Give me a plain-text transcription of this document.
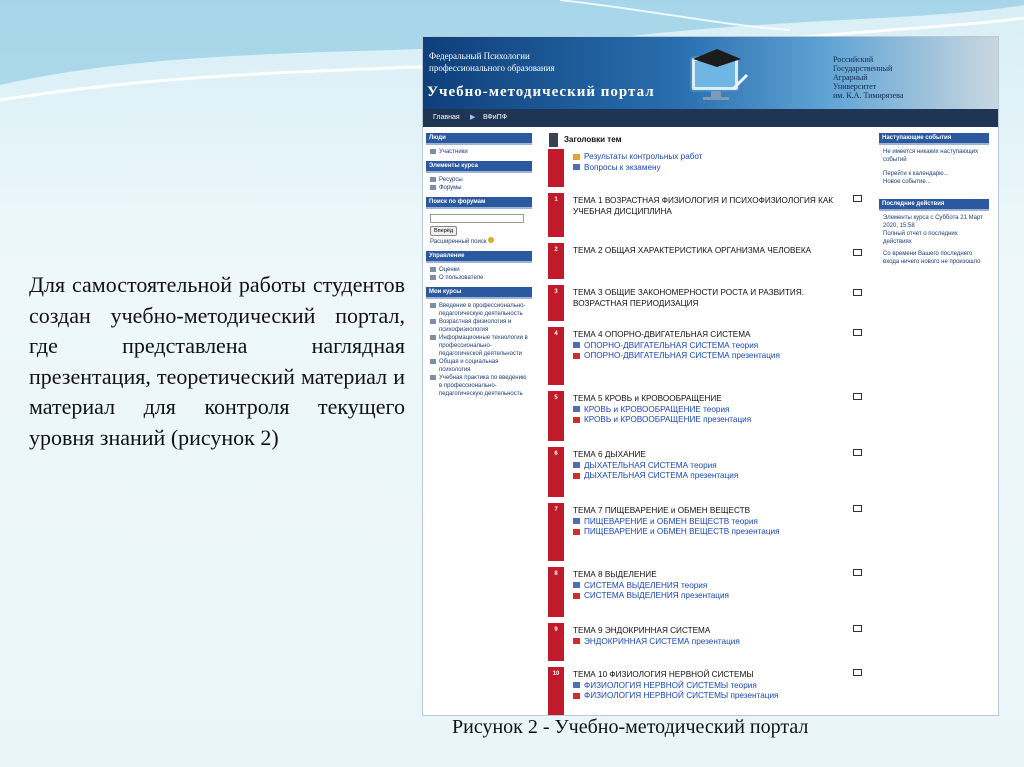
Для самостоятельной работы студентов создан учебно-методический портал, где представлена наглядная презентация, теоретический материал и материал для контроля текущего уровня знаний (рисунок 2)
Рисунок 2 - Учебно-методический портал
Федеральный Психологии
профессионального образования
Учебно-методический портал
Российский
Государственный
Аграрный
Университет
им. К.А. Тимирязева
Главная ▶ ВФиПФ
Люди
Участники
Элементы курса
Ресурсы
Форумы
Поиск по форумам
Вперёд
Расширенный поиск
Управление
Оценки
О пользователе
Мои курсы
Введение в профессионально-педагогическую деятельность
Возрастная физиология и психофизиология
Информационные технологии в профессионально-педагогической деятельности
Общая и социальная психология
Учебная практика по введению в профессионально-педагогическую деятельность
Наступающие события
Не имеется никаких наступающих событий
Перейти к календарю...
Новое событие...
Последние действия
Элементы курса с Суббота 21 Март 2020, 15:58
Полный отчет о последних действиях
Со времени Вашего последнего входа ничего нового не произошло
Заголовки тем
Результаты контрольных работ
Вопросы к экзамену
1	ТЕМА 1 ВОЗРАСТНАЯ ФИЗИОЛОГИЯ И ПСИХОФИЗИОЛОГИЯ КАК УЧЕБНАЯ ДИСЦИПЛИНА
2	ТЕМА 2 ОБЩАЯ ХАРАКТЕРИСТИКА ОРГАНИЗМА ЧЕЛОВЕКА
3	ТЕМА 3 ОБЩИЕ ЗАКОНОМЕРНОСТИ РОСТА И РАЗВИТИЯ. ВОЗРАСТНАЯ ПЕРИОДИЗАЦИЯ
4	ТЕМА 4 ОПОРНО-ДВИГАТЕЛЬНАЯ СИСТЕМА
ОПОРНО-ДВИГАТЕЛЬНАЯ СИСТЕМА теория
ОПОРНО-ДВИГАТЕЛЬНАЯ СИСТЕМА презентация
5	ТЕМА 5 КРОВЬ и КРОВООБРАЩЕНИЕ
КРОВЬ и КРОВООБРАЩЕНИЕ теория
КРОВЬ и КРОВООБРАЩЕНИЕ презентация
6	ТЕМА 6 ДЫХАНИЕ
ДЫХАТЕЛЬНАЯ СИСТЕМА теория
ДЫХАТЕЛЬНАЯ СИСТЕМА презентация
7	ТЕМА 7 ПИЩЕВАРЕНИЕ и ОБМЕН ВЕЩЕСТВ
ПИЩЕВАРЕНИЕ и ОБМЕН ВЕЩЕСТВ теория
ПИЩЕВАРЕНИЕ и ОБМЕН ВЕЩЕСТВ презентация
8	ТЕМА 8 ВЫДЕЛЕНИЕ
СИСТЕМА ВЫДЕЛЕНИЯ теория
СИСТЕМА ВЫДЕЛЕНИЯ презентация
9	ТЕМА 9 ЭНДОКРИННАЯ СИСТЕМА
ЭНДОКРИННАЯ СИСТЕМА презентация
10	ТЕМА 10 ФИЗИОЛОГИЯ НЕРВНОЙ СИСТЕМЫ
ФИЗИОЛОГИЯ НЕРВНОЙ СИСТЕМЫ теория
ФИЗИОЛОГИЯ НЕРВНОЙ СИСТЕМЫ презентация
